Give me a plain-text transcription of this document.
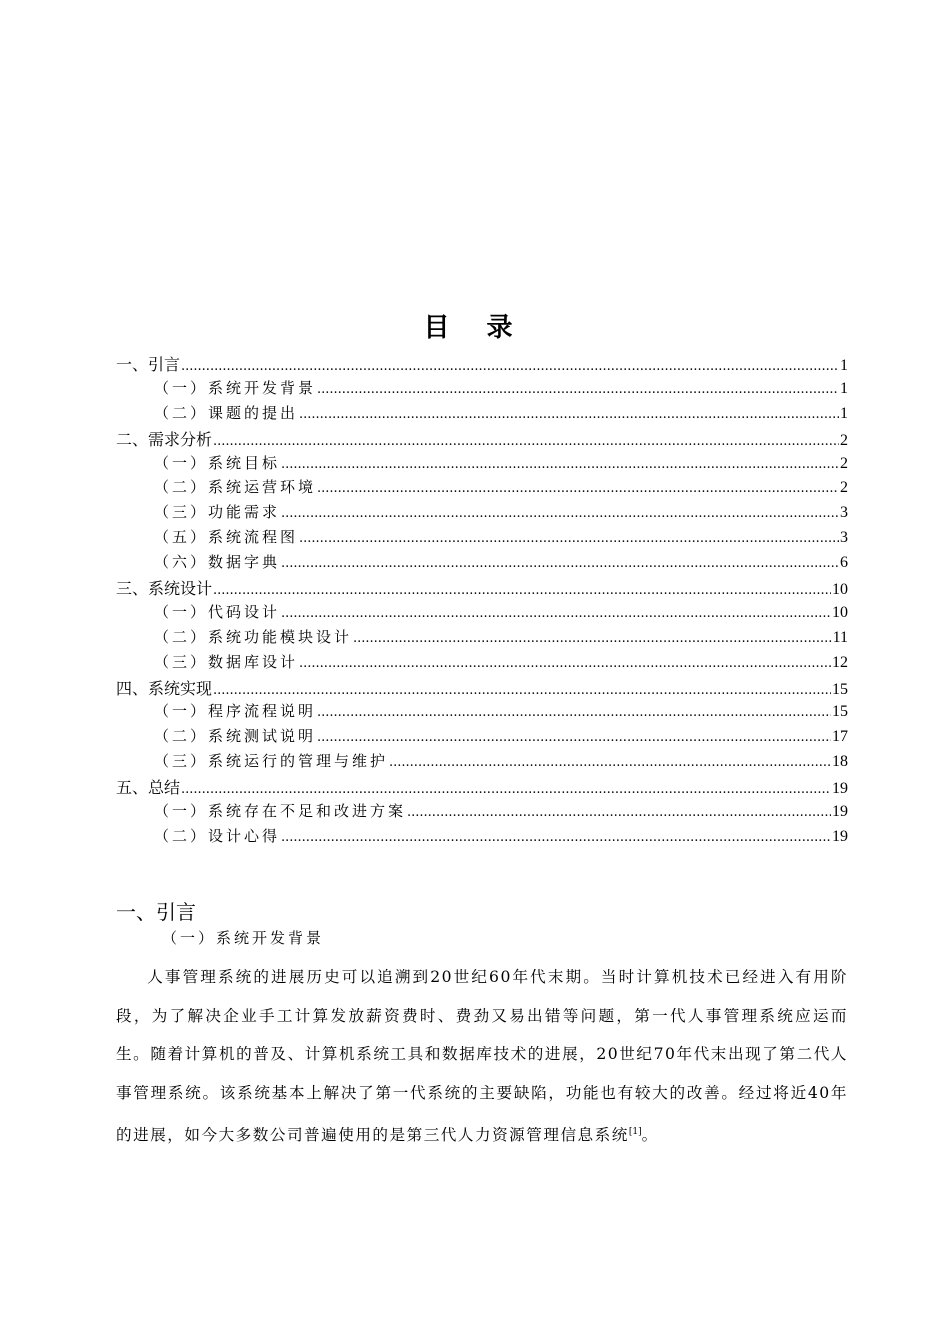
目 录
一、引言 .....	1
（一）系统开发背景 .....	1
（二）课题的提出 .....	1
二、需求分析 .....	2
（一）系统目标 .....	2
（二）系统运营环境 .....	2
（三）功能需求 .....	3
（五）系统流程图 .....	3
（六）数据字典 .....	6
三、系统设计 .....	10
（一）代码设计 .....	10
（二）系统功能模块设计 .....	11
（三）数据库设计 .....	12
四、系统实现 .....	15
（一）程序流程说明 .....	15
（二）系统测试说明 .....	17
（三）系统运行的管理与维护 .....	18
五、总结 .....	19
（一）系统存在不足和改进方案 .....	19
（二）设计心得 .....	19
一、引言
（一）系统开发背景
人事管理系统的进展历史可以追溯到20世纪60年代末期。当时计算机技术已经进入有用阶段，为了解决企业手工计算发放薪资费时、费劲又易出错等问题，第一代人事管理系统应运而生。随着计算机的普及、计算机系统工具和数据库技术的进展，20世纪70年代末出现了第二代人事管理系统。该系统基本上解决了第一代系统的主要缺陷，功能也有较大的改善。经过将近40年的进展，如今大多数公司普遍使用的是第三代人力资源管理信息系统[1]。
